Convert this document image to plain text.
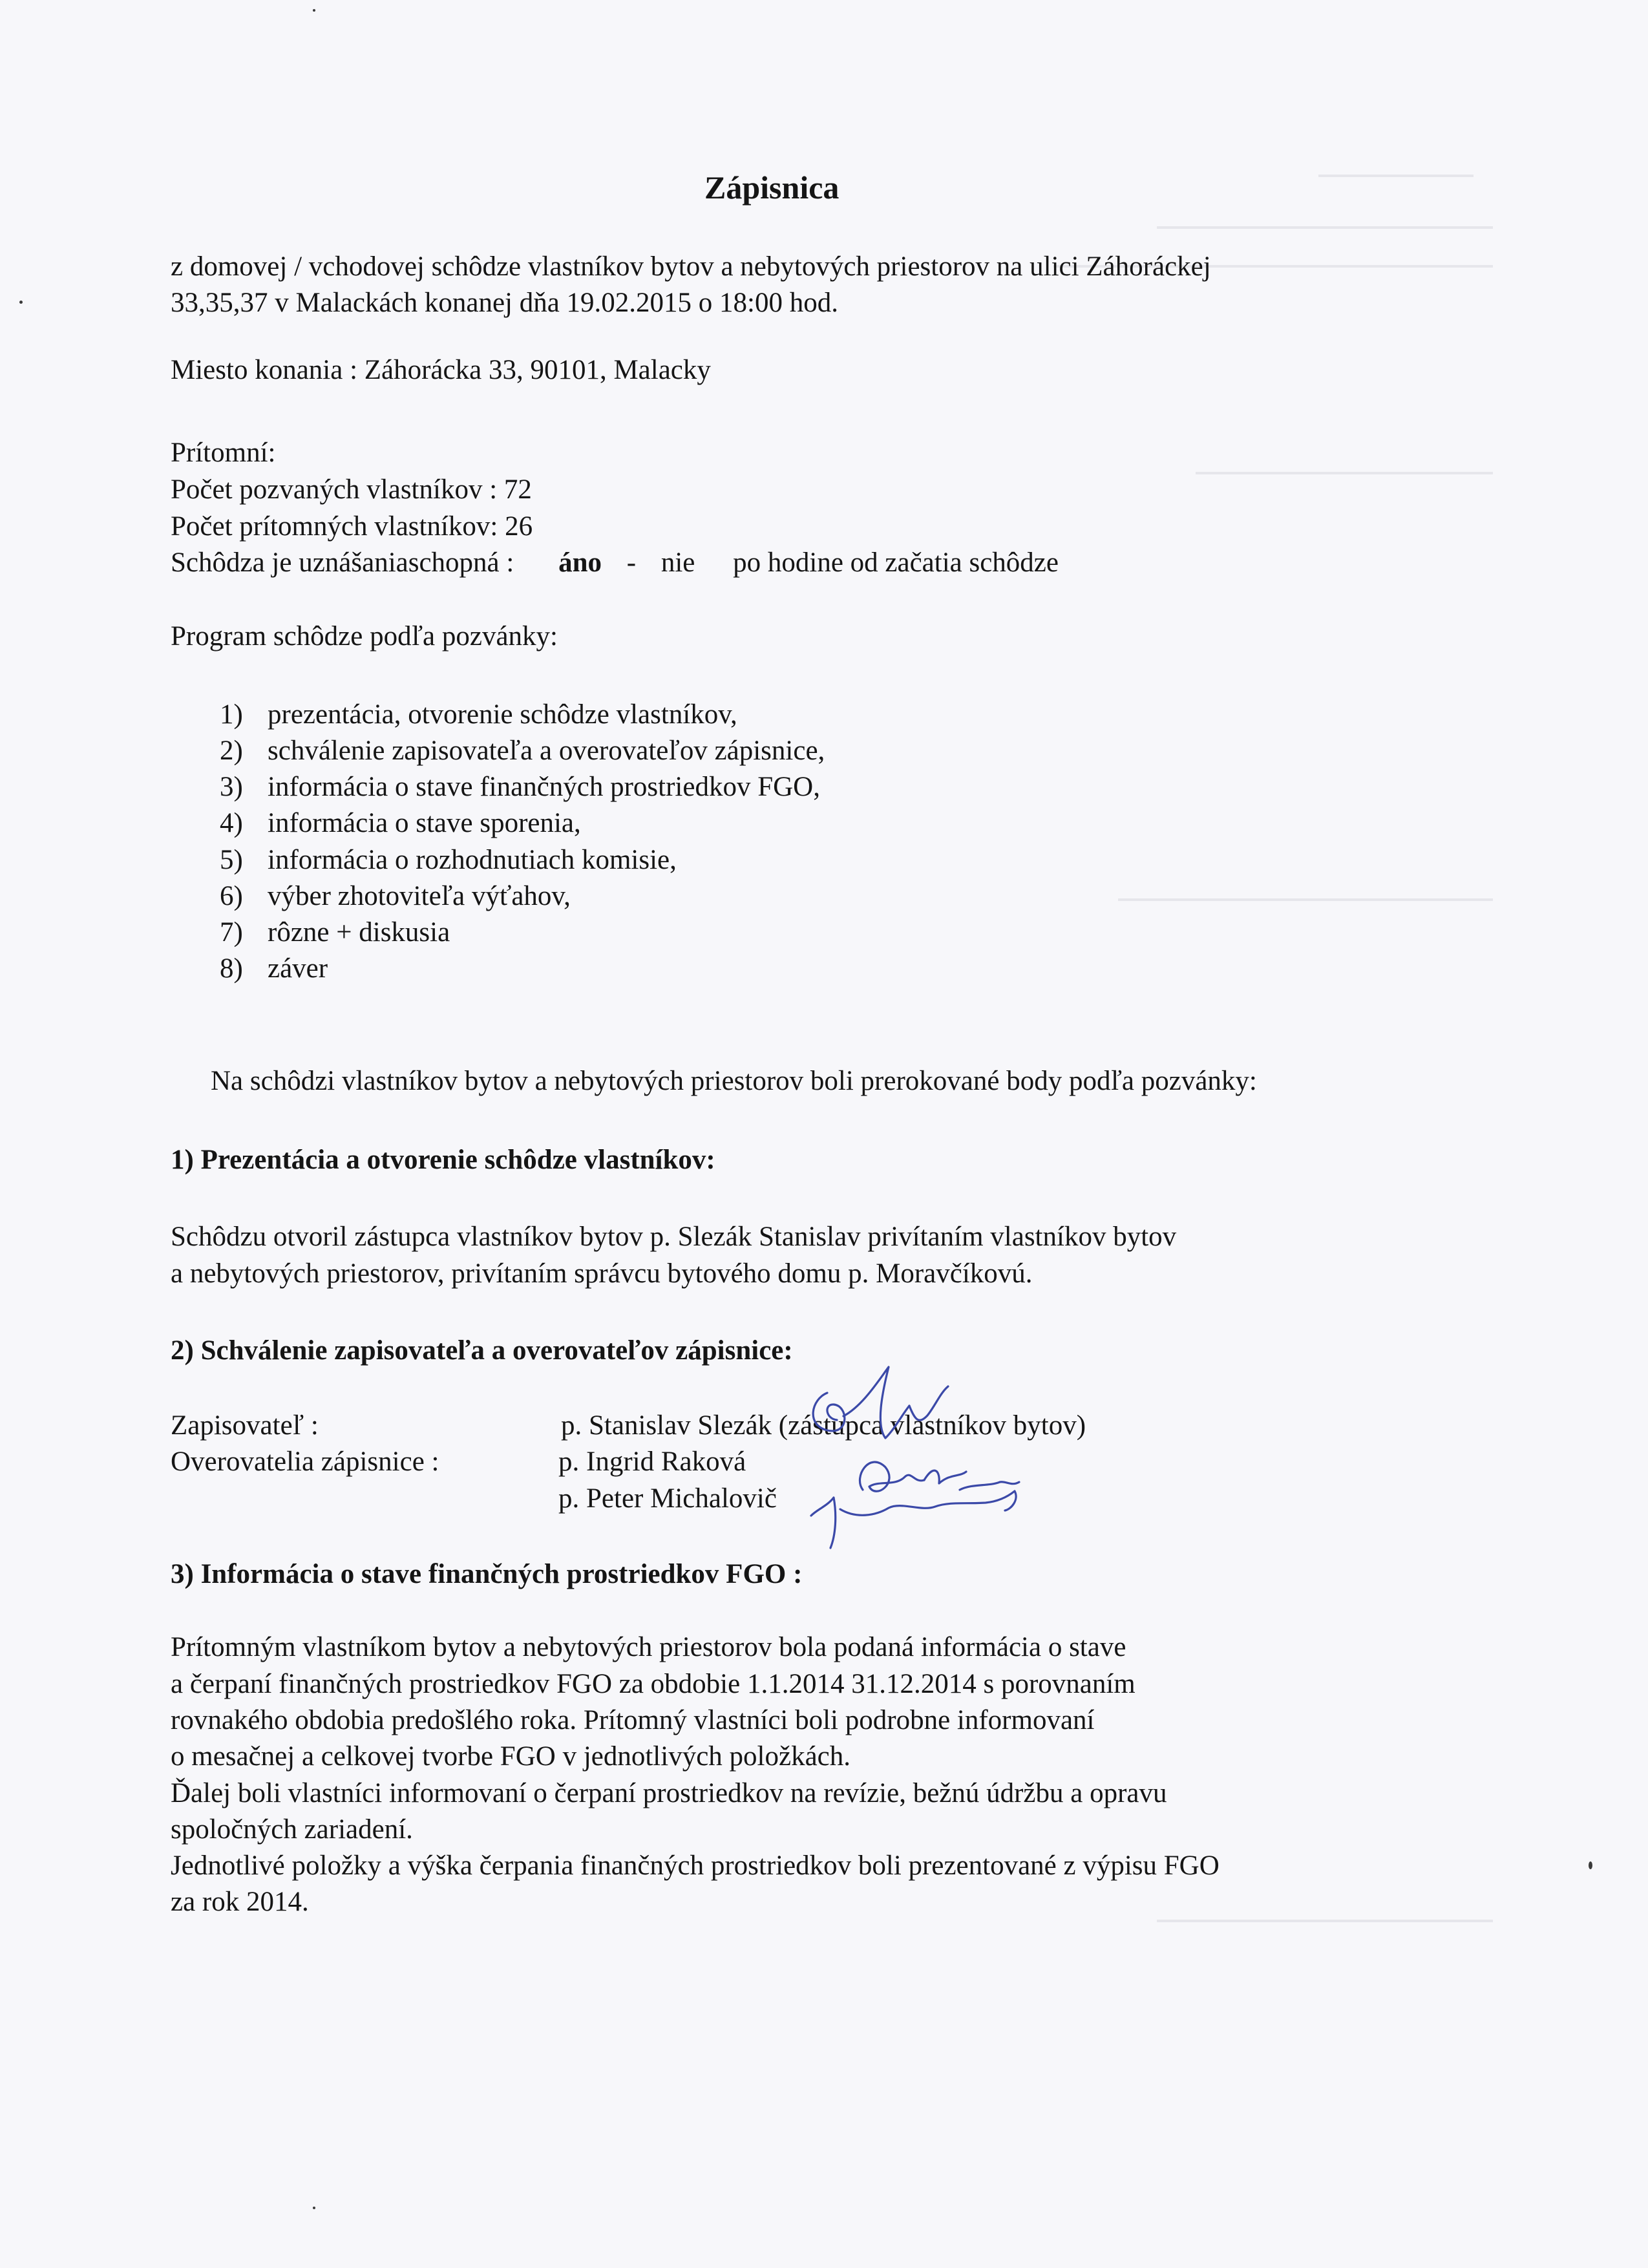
Zápisnica
z domovej / vchodovej schôdze vlastníkov bytov a nebytových priestorov na ulici Záhoráckej
33,35,37 v Malackách konanej dňa 19.02.2015 o 18:00 hod.
Miesto konania : Záhorácka 33, 90101, Malacky
Prítomní:
Počet pozvaných vlastníkov : 72
Počet prítomných vlastníkov: 26
Schôdza je uznášaniaschopná : áno - nie po hodine od začatia schôdze
Program schôdze podľa pozvánky:
1) prezentácia, otvorenie schôdze vlastníkov,
2) schválenie zapisovateľa a overovateľov zápisnice,
3) informácia o stave finančných prostriedkov FGO,
4) informácia o stave sporenia,
5) informácia o rozhodnutiach komisie,
6) výber zhotoviteľa výťahov,
7) rôzne + diskusia
8) záver
Na schôdzi vlastníkov bytov a nebytových priestorov boli prerokované body podľa pozvánky:
1) Prezentácia a otvorenie schôdze vlastníkov:
Schôdzu otvoril zástupca vlastníkov bytov p. Slezák Stanislav privítaním vlastníkov bytov
a nebytových priestorov, privítaním správcu bytového domu p. Moravčíkovú.
2) Schválenie zapisovateľa a overovateľov zápisnice:
Zapisovateľ :	p. Stanislav Slezák (zástupca vlastníkov bytov)
Overovatelia zápisnice :	p. Ingrid Raková
p. Peter Michalovič
3) Informácia o stave finančných prostriedkov FGO :
Prítomným vlastníkom bytov a nebytových priestorov bola podaná informácia o stave
a čerpaní finančných prostriedkov FGO za obdobie 1.1.2014 31.12.2014 s porovnaním
rovnakého obdobia predošlého roka. Prítomný vlastníci boli podrobne informovaní
o mesačnej a celkovej tvorbe FGO v jednotlivých položkách.
Ďalej boli vlastníci informovaní o čerpaní prostriedkov na revízie, bežnú údržbu a opravu
spoločných zariadení.
Jednotlivé položky a výška čerpania finančných prostriedkov boli prezentované z výpisu FGO
za rok 2014.
